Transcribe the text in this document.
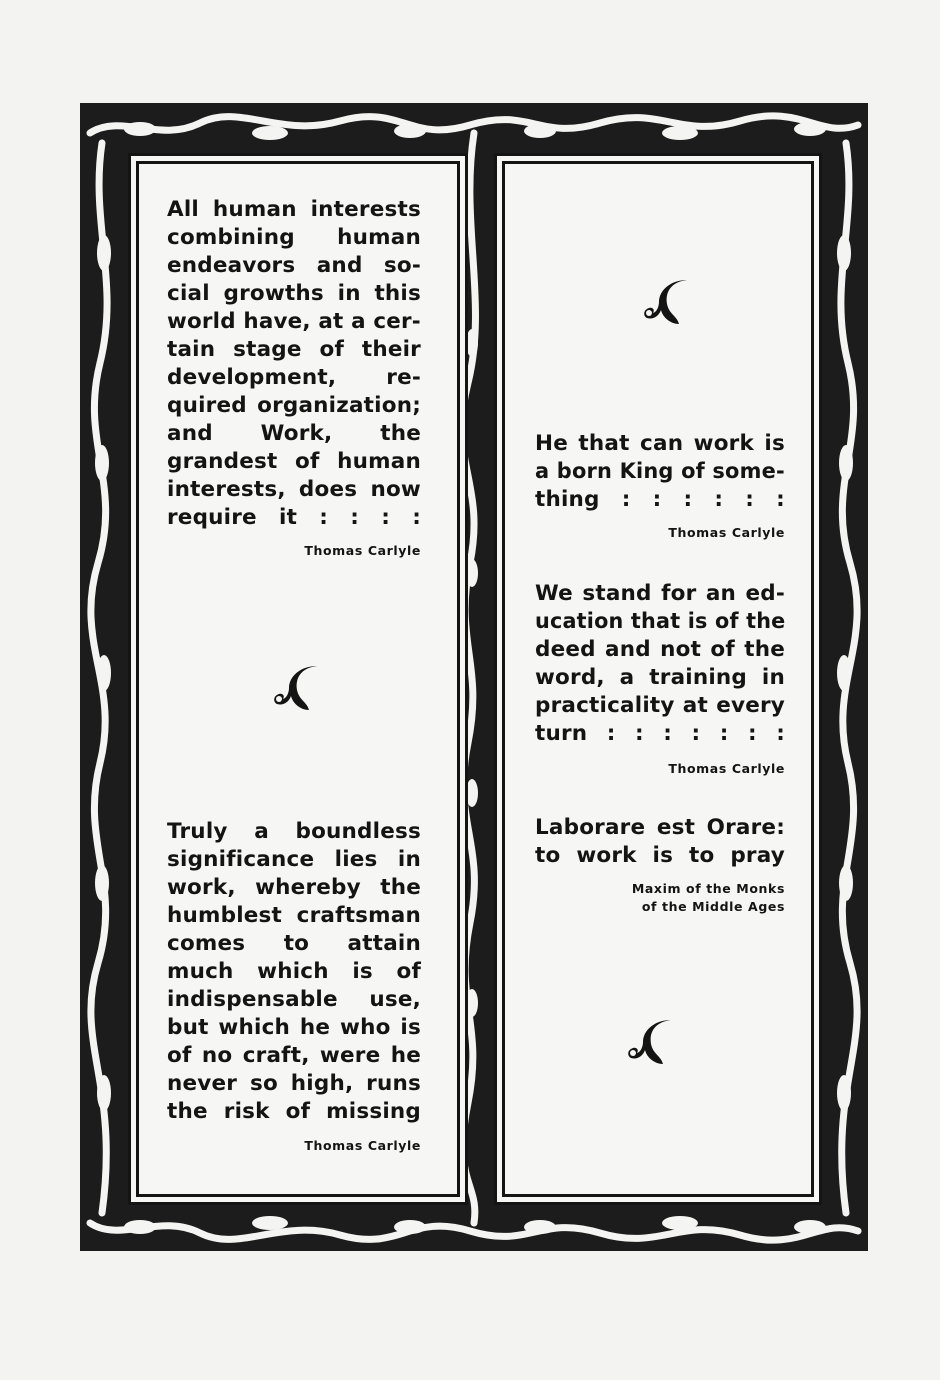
All human interests
combining human
endeavors and so-
cial growths in this
world have, at a cer-
tain stage of their
development, re-
quired organization;
and Work, the
grandest of human
interests, does now
require it : : : :
Thomas Carlyle
Truly a boundless
significance lies in
work, whereby the
humblest craftsman
comes to attain
much which is of
indispensable use,
but which he who is
of no craft, were he
never so high, runs
the risk of missing
Thomas Carlyle
He that can work is
a born King of some-
thing : : : : : :
Thomas Carlyle
We stand for an ed-
ucation that is of the
deed and not of the
word, a training in
practicality at every
turn : : : : : : :
Thomas Carlyle
Laborare est Orare:
to work is to pray
Maxim of the Monks
of the Middle Ages
